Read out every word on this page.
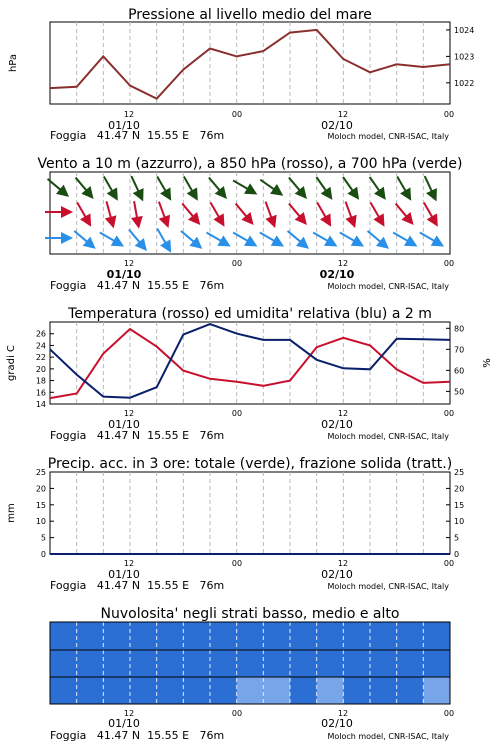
Pressione al livello medio del mare
1022
1023
1024
hPa
12	00	12	00
01/10	02/10
Foggia   41.47 N  15.55 E   76m	Moloch model, CNR-ISAC, Italy
Vento a 10 m (azzurro), a 850 hPa (rosso), a 700 hPa (verde)
12	00	12	00
01/10	02/10
Foggia   41.47 N  15.55 E   76m	Moloch model, CNR-ISAC, Italy
Temperatura (rosso) ed umidita' relativa (blu) a 2 m
14
16
18
20
22
24
26
50
60
70
80
gradi C	%
12	00	12	00
01/10	02/10
Foggia   41.47 N  15.55 E   76m	Moloch model, CNR-ISAC, Italy
Precip. acc. in 3 ore: totale (verde), frazione solida (tratt.)
0
5
10
15
20
25
0
5
10
15
20
25
mm
12	00	12	00
01/10	02/10
Foggia   41.47 N  15.55 E   76m	Moloch model, CNR-ISAC, Italy
Nuvolosita' negli strati basso, medio e alto
12	00	12	00
01/10	02/10
Foggia   41.47 N  15.55 E   76m	Moloch model, CNR-ISAC, Italy
